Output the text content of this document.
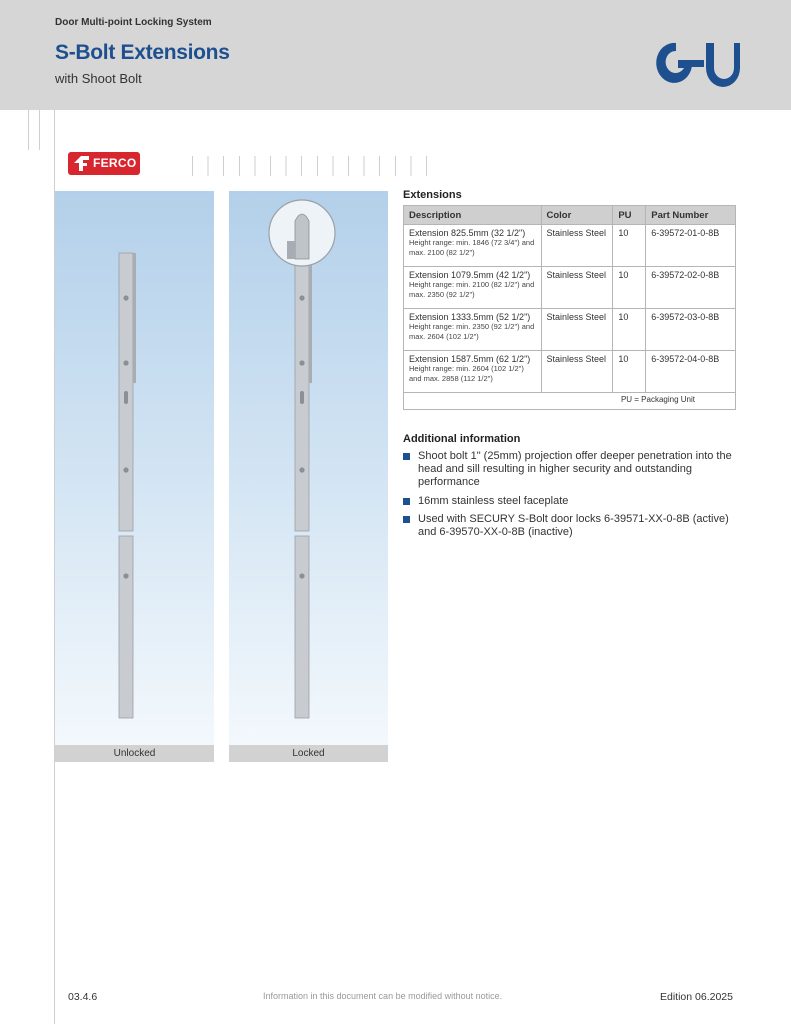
Door Multi-point Locking System
S-Bolt Extensions
with Shoot Bolt
FERCO
Unlocked	Locked
Extensions
Description	Color	PU	Part Number

Extension 825.5mm (32 1/2")
Height range: min. 1846 (72 3/4") and max. 2100 (82 1/2")	Stainless Steel	10	6-39572-01-0-8B

Extension 1079.5mm (42 1/2")
Height range: min. 2100 (82 1/2") and max. 2350 (92 1/2")	Stainless Steel	10	6-39572-02-0-8B

Extension 1333.5mm (52 1/2")
Height range: min. 2350 (92 1/2") and max. 2604 (102 1/2")	Stainless Steel	10	6-39572-03-0-8B

Extension 1587.5mm (62 1/2")
Height range: min. 2604 (102 1/2") and max. 2858 (112 1/2")	Stainless Steel	10	6-39572-04-0-8B
PU = Packaging Unit			
Additional information
Shoot bolt 1" (25mm) projection offer deeper penetration into the head and sill resulting in higher security and outstanding performance
16mm stainless steel faceplate
Used with SECURY S-Bolt door locks 6-39571-XX-0-8B (active) and 6-39570-XX-0-8B (inactive)
03.4.6	Information in this document can be modified without notice.	Edition 06.2025
